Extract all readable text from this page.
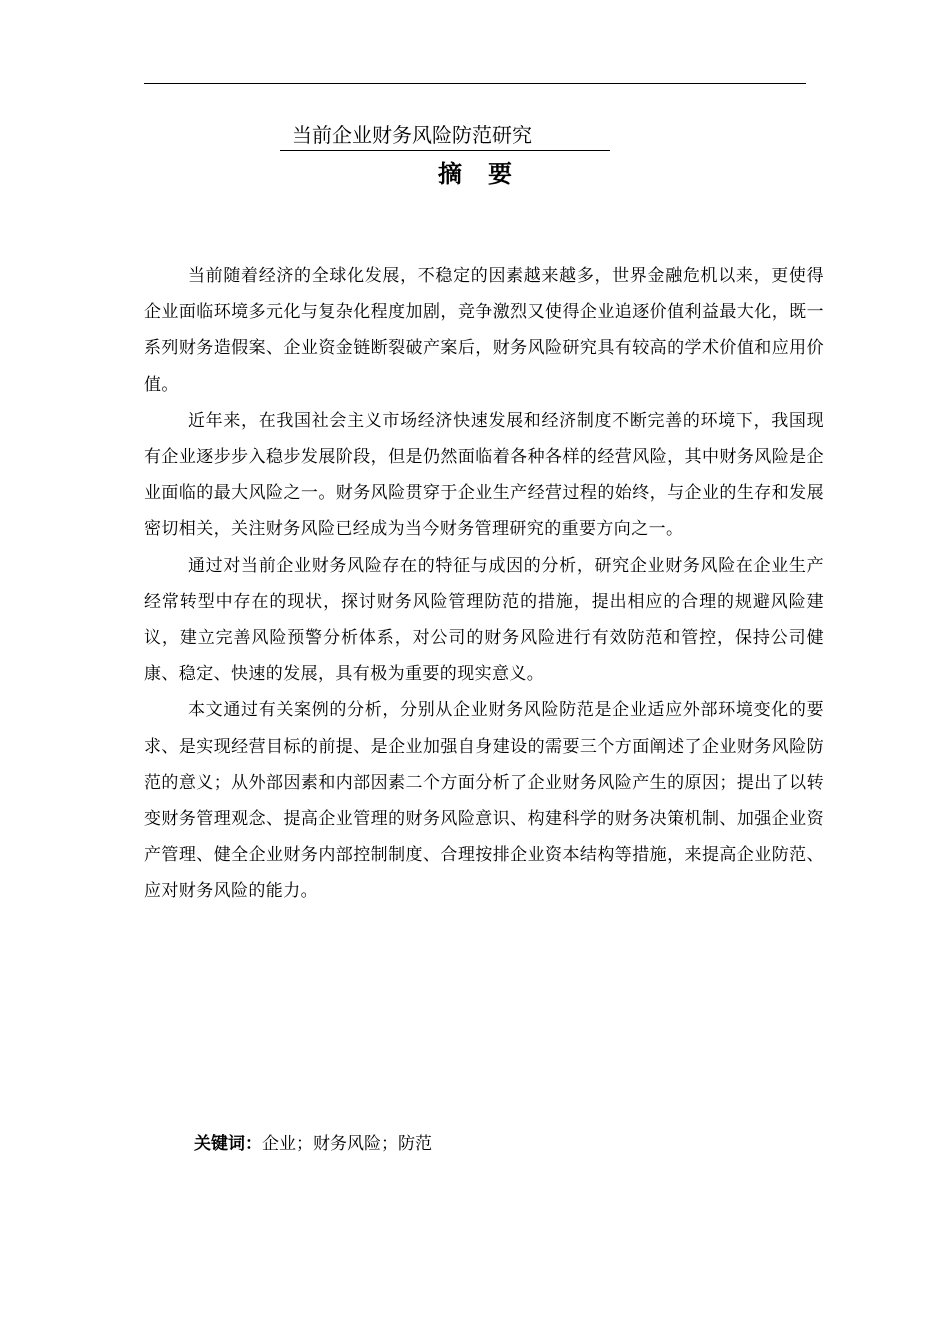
当前企业财务风险防范研究
摘要

当前随着经济的全球化发展，不稳定的因素越来越多，世界金融危机以来，更使得企业面临环境多元化与复杂化程度加剧，竞争激烈又使得企业追逐价值利益最大化，既一系列财务造假案、企业资金链断裂破产案后，财务风险研究具有较高的学术价值和应用价值。

近年来，在我国社会主义市场经济快速发展和经济制度不断完善的环境下，我国现有企业逐步步入稳步发展阶段，但是仍然面临着各种各样的经营风险，其中财务风险是企业面临的最大风险之一。财务风险贯穿于企业生产经营过程的始终，与企业的生存和发展密切相关，关注财务风险已经成为当今财务管理研究的重要方向之一。

通过对当前企业财务风险存在的特征与成因的分析，研究企业财务风险在企业生产经常转型中存在的现状，探讨财务风险管理防范的措施，提出相应的合理的规避风险建议，建立完善风险预警分析体系，对公司的财务风险进行有效防范和管控，保持公司健康、稳定、快速的发展，具有极为重要的现实意义。

本文通过有关案例的分析，分别从企业财务风险防范是企业适应外部环境变化的要求、是实现经营目标的前提、是企业加强自身建设的需要三个方面阐述了企业财务风险防范的意义；从外部因素和内部因素二个方面分析了企业财务风险产生的原因；提出了以转变财务管理观念、提高企业管理的财务风险意识、构建科学的财务决策机制、加强企业资产管理、健全企业财务内部控制制度、合理按排企业资本结构等措施，来提高企业防范、应对财务风险的能力。

关键词：企业；财务风险；防范
